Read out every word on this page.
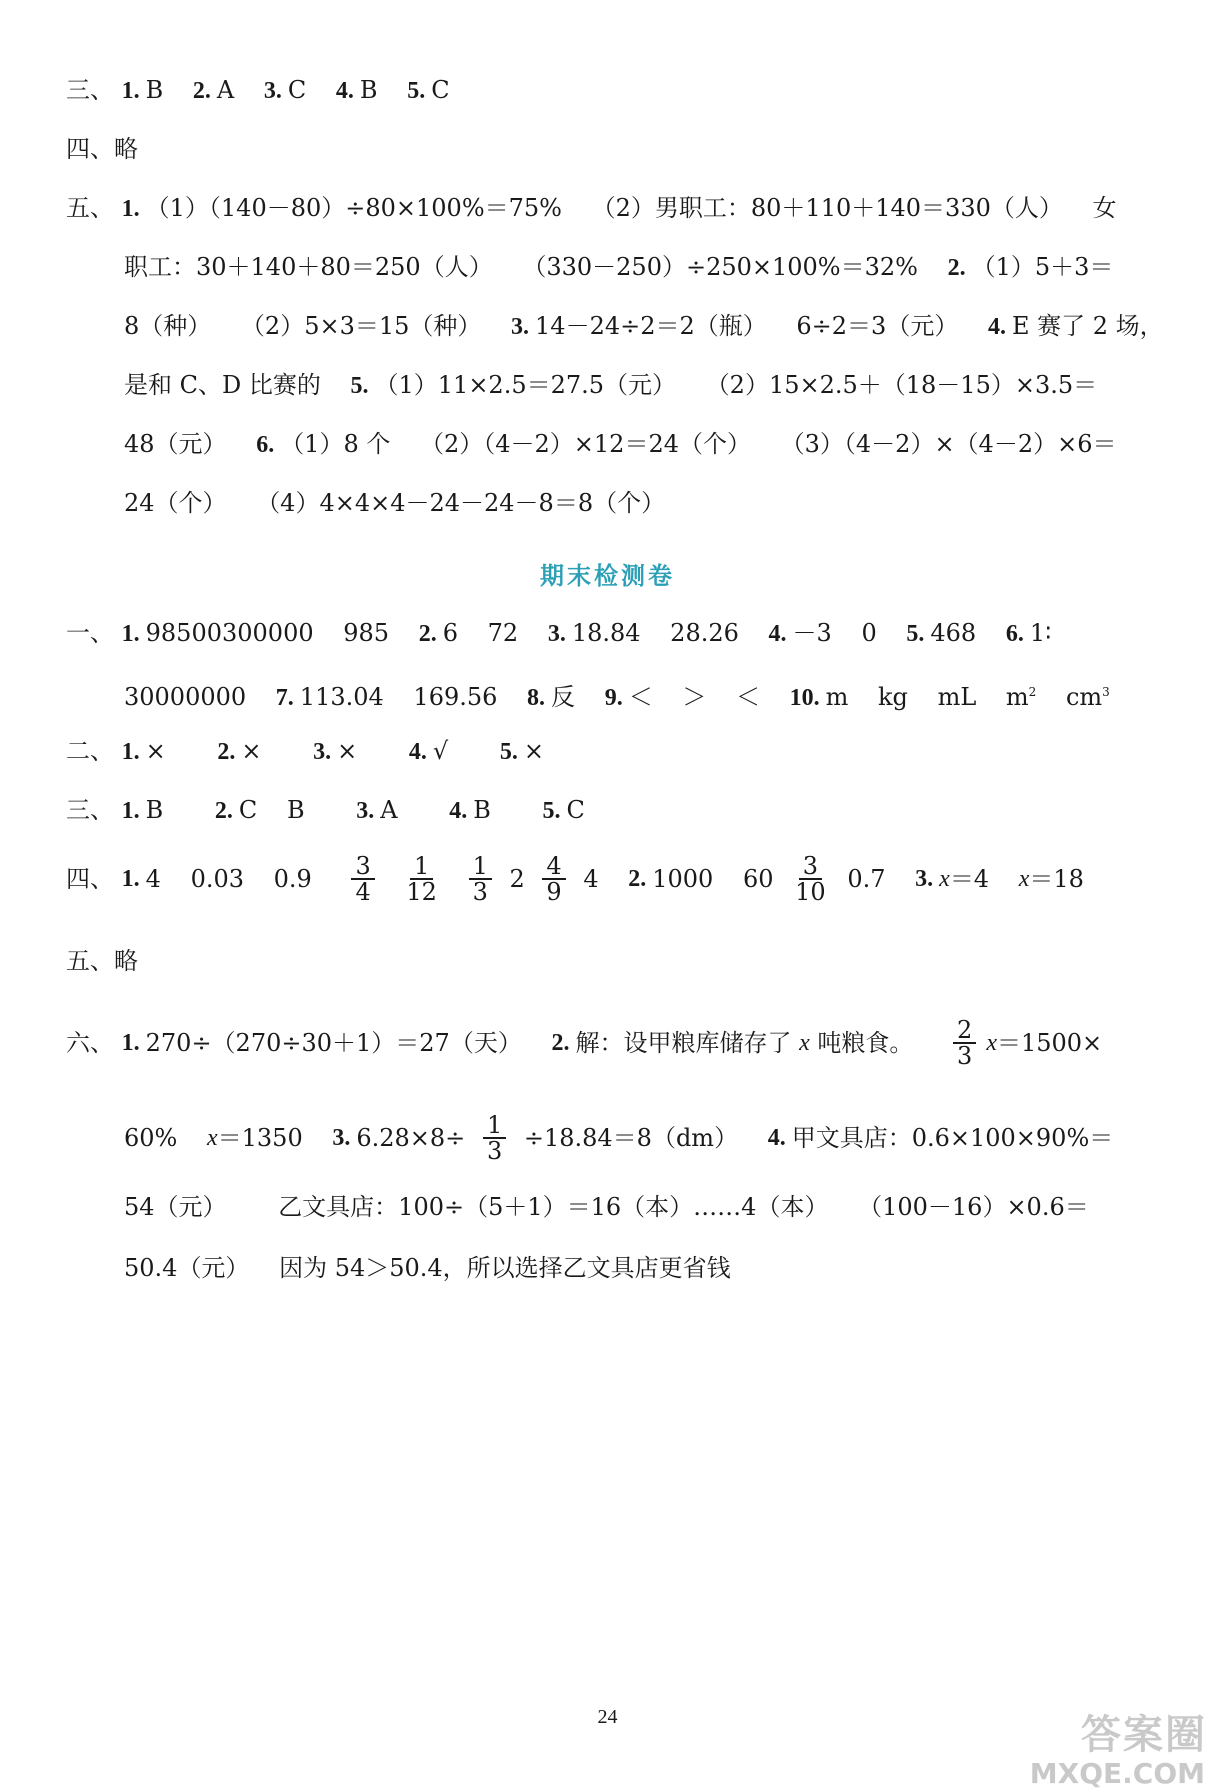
三、 1. B 2. A 3. C 4. B 5. C
四、略
五、 1. （1）（140－80）÷80×100%＝75% （2）男职工：80＋110＋140＝330（人） 女
职工：30＋140＋80＝250（人） （330－250）÷250×100%＝32% 2. （1）5＋3＝
8（种） （2）5×3＝15（种） 3. 14－24÷2＝2（瓶） 6÷2＝3（元） 4. E 赛了 2 场，
是和 C、D 比赛的 5. （1）11×2.5＝27.5（元） （2）15×2.5＋（18－15）×3.5＝
48（元） 6. （1）8 个 （2）（4－2）×12＝24（个） （3）（4－2）×（4－2）×6＝
24（个） （4）4×4×4－24－24－8＝8（个）
期末检测卷
一、 1. 98500300000 985 2. 6 72 3. 18.84 28.26 4. －3 0 5. 468 6. 1∶
30000000 7. 113.04 169.56 8. 反 9. ＜ ＞ ＜ 10. m kg mL $m^2$ $cm^3$
二、 1. × 2. × 3. × 4. √ 5. ×
三、 1. B 2. C B 3. A 4. B 5. C
四、 1. 4 0.03 $0.9 \frac{3}{4}$
$\frac{1}{12}$
$\frac{1}{3} 2 \frac{4}{9} 4$ 2. 1000 $60 \frac{3}{10} 0.7$ 3. x＝4 x＝18
五、略
六、 1. 270÷（270÷30＋1）＝27（天） 2. 解：设甲粮库储存了 x 吨粮食。 $\frac{2}{3} x=1500\times$
60% x＝1350 3. $6.28\times 8\div \frac{1}{3} \div 18.84=8(dm)$ 4. 甲文具店：0.6×100×90%＝
54（元） 乙文具店：100÷（5＋1）＝16（本）……4（本） （100－16）×0.6＝
50.4（元） 因为 54＞50.4，所以选择乙文具店更省钱
24	答案圈
MXQE.COM
